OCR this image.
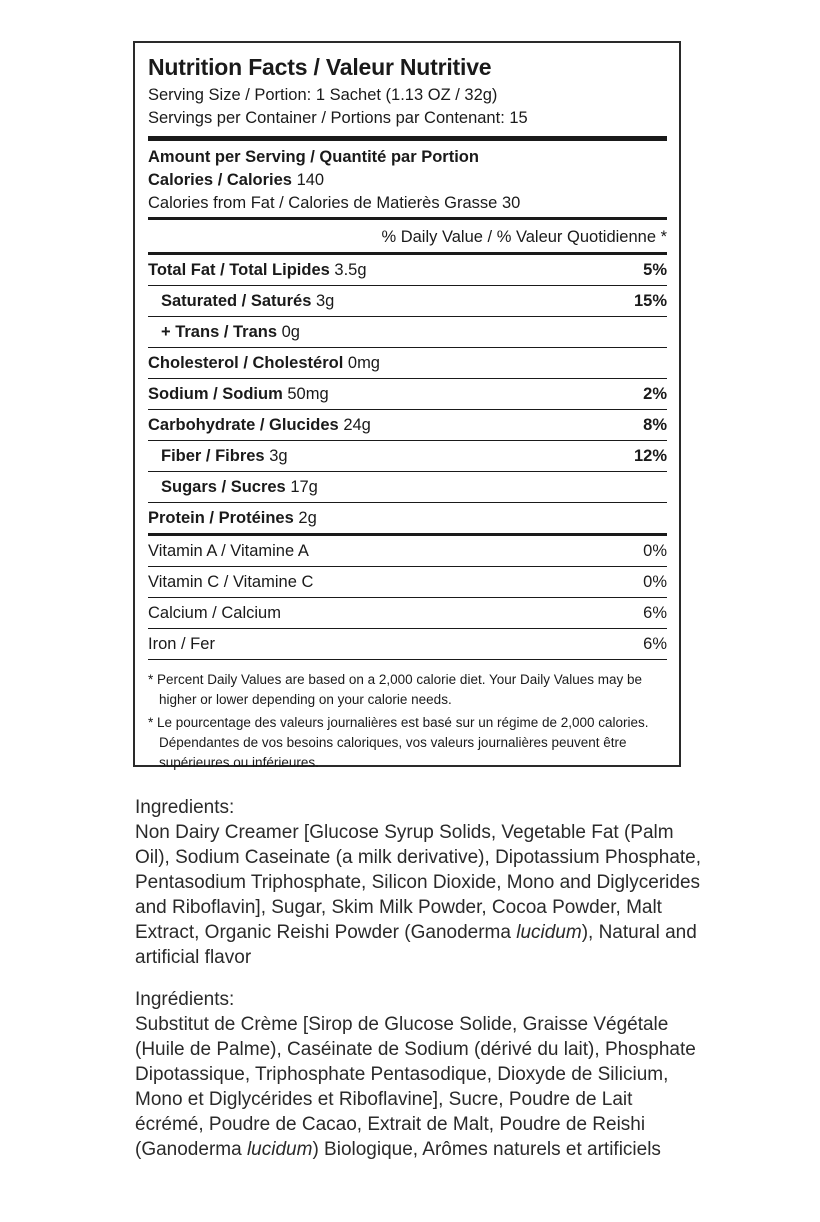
Nutrition Facts / Valeur Nutritive
Serving Size / Portion: 1 Sachet (1.13 OZ / 32g)
Servings per Container / Portions par Contenant: 15
Amount per Serving / Quantité par Portion
Calories / Calories 140
Calories from Fat / Calories de Matierès Grasse 30
% Daily Value / % Valeur Quotidienne *
Total Fat / Total Lipides 3.5g	5%
Saturated / Saturés 3g	15%
+ Trans / Trans 0g
Cholesterol / Cholestérol 0mg
Sodium / Sodium 50mg	2%
Carbohydrate / Glucides 24g	8%
Fiber / Fibres 3g	12%
Sugars / Sucres 17g
Protein / Protéines 2g
Vitamin A / Vitamine A	0%
Vitamin C / Vitamine C	0%
Calcium / Calcium	6%
Iron / Fer	6%
* Percent Daily Values are based on a 2,000 calorie diet. Your Daily Values may be higher or lower depending on your calorie needs.
* Le pourcentage des valeurs journalières est basé sur un régime de 2,000 calories. Dépendantes de vos besoins caloriques, vos valeurs journalières peuvent être supérieures ou inférieures.
Ingredients:
Non Dairy Creamer [Glucose Syrup Solids, Vegetable Fat (Palm Oil), Sodium Caseinate (a milk derivative), Dipotassium Phosphate, Pentasodium Triphosphate, Silicon Dioxide, Mono and Diglycerides and Riboflavin], Sugar, Skim Milk Powder, Cocoa Powder, Malt Extract, Organic Reishi Powder (Ganoderma lucidum), Natural and artificial flavor
Ingrédients:
Substitut de Crème [Sirop de Glucose Solide, Graisse Végétale (Huile de Palme), Caséinate de Sodium (dérivé du lait), Phosphate Dipotassique, Triphosphate Pentasodique, Dioxyde de Silicium, Mono et Diglycérides et Riboflavine], Sucre, Poudre de Lait écrémé, Poudre de Cacao, Extrait de Malt, Poudre de Reishi (Ganoderma lucidum) Biologique, Arômes naturels et artificiels
